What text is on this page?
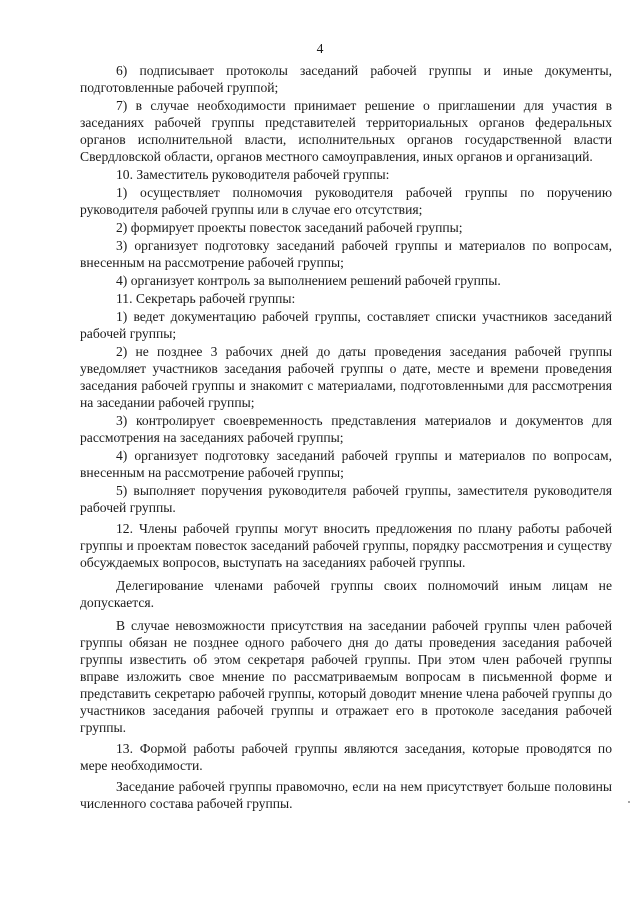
4

6) подписывает протоколы заседаний рабочей группы и иные документы, подготовленные рабочей группой;

7) в случае необходимости принимает решение о приглашении для участия в заседаниях рабочей группы представителей территориальных органов федеральных органов исполнительной власти, исполнительных органов государственной власти Свердловской области, органов местного самоуправления, иных органов и организаций.

10. Заместитель руководителя рабочей группы:

1) осуществляет полномочия руководителя рабочей группы по поручению руководителя рабочей группы или в случае его отсутствия;

2) формирует проекты повесток заседаний рабочей группы;

3) организует подготовку заседаний рабочей группы и материалов по вопросам, внесенным на рассмотрение рабочей группы;

4) организует контроль за выполнением решений рабочей группы.

11. Секретарь рабочей группы:

1) ведет документацию рабочей группы, составляет списки участников заседаний рабочей группы;

2) не позднее 3 рабочих дней до даты проведения заседания рабочей группы уведомляет участников заседания рабочей группы о дате, месте и времени проведения заседания рабочей группы и знакомит с материалами, подготовленными для рассмотрения на заседании рабочей группы;

3) контролирует своевременность представления материалов и документов для рассмотрения на заседаниях рабочей группы;

4) организует подготовку заседаний рабочей группы и материалов по вопросам, внесенным на рассмотрение рабочей группы;

5) выполняет поручения руководителя рабочей группы, заместителя руководителя рабочей группы.

12. Члены рабочей группы могут вносить предложения по плану работы рабочей группы и проектам повесток заседаний рабочей группы, порядку рассмотрения и существу обсуждаемых вопросов, выступать на заседаниях рабочей группы.

Делегирование членами рабочей группы своих полномочий иным лицам не допускается.

В случае невозможности присутствия на заседании рабочей группы член рабочей группы обязан не позднее одного рабочего дня до даты проведения заседания рабочей группы известить об этом секретаря рабочей группы. При этом член рабочей группы вправе изложить свое мнение по рассматриваемым вопросам в письменной форме и представить секретарю рабочей группы, который доводит мнение члена рабочей группы до участников заседания рабочей группы и отражает его в протоколе заседания рабочей группы.

13. Формой работы рабочей группы являются заседания, которые проводятся по мере необходимости.

Заседание рабочей группы правомочно, если на нем присутствует больше половины численного состава рабочей группы.
